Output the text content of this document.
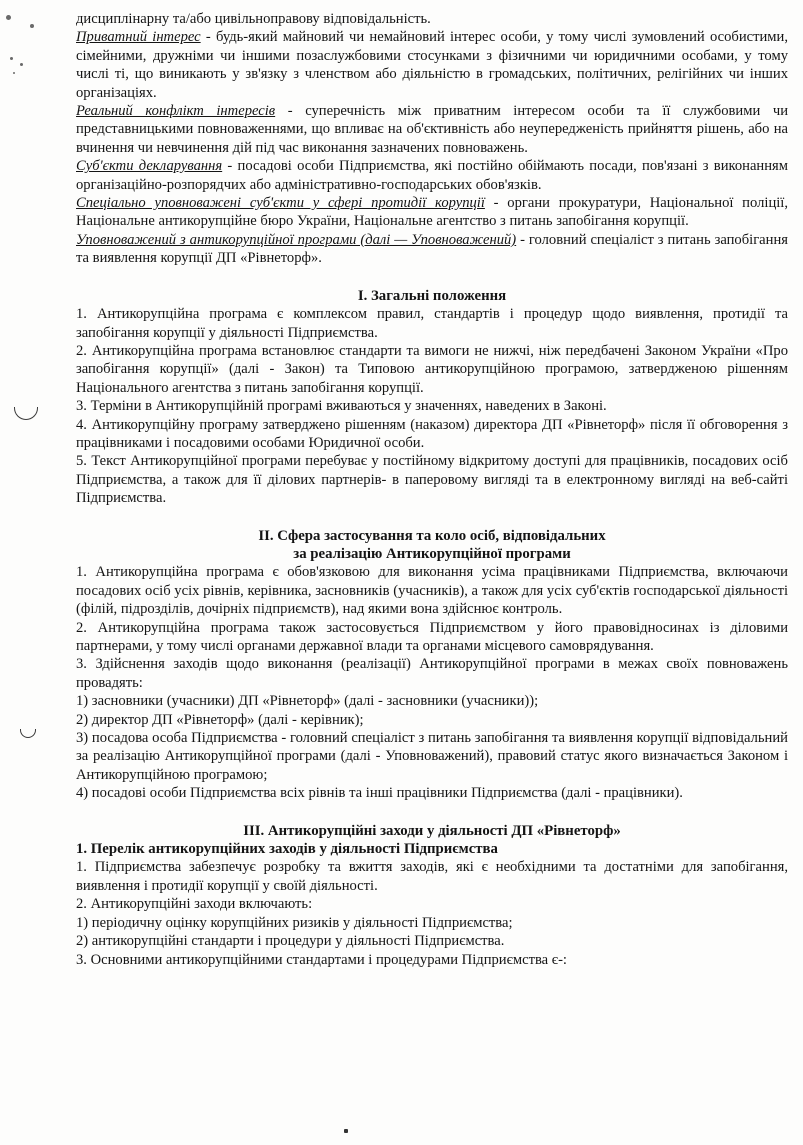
дисциплінарну та/або цивільноправову відповідальність.

Приватний інтерес - будь-який майновий чи немайновий інтерес особи, у тому числі зумовлений особистими, сімейними, дружніми чи іншими позаслужбовими стосунками з фізичними чи юридичними особами, у тому числі ті, що виникають у зв'язку з членством або діяльністю в громадських, політичних, релігійних чи інших організаціях.

Реальний конфлікт інтересів - суперечність між приватним інтересом особи та її службовими чи представницькими повноваженнями, що впливає на об'єктивність або неупередженість прийняття рішень, або на вчинення чи невчинення дій під час виконання зазначених повноважень.

Суб'єкти декларування - посадові особи Підприємства, які постійно обіймають посади, пов'язані з виконанням організаційно-розпорядчих або адміністративно-господарських обов'язків.

Спеціально уповноважені суб'єкти у сфері протидії корупції - органи прокуратури, Національної поліції, Національне антикорупційне бюро України, Національне агентство з питань запобігання корупції.

Уповноважений з антикорупційної програми (далі — Уповноважений) - головний спеціаліст з питань запобігання та виявлення корупції ДП «Рівнеторф».

І. Загальні положення

1. Антикорупційна програма є комплексом правил, стандартів і процедур щодо виявлення, протидії та запобігання корупції у діяльності Підприємства.

2. Антикорупційна програма встановлює стандарти та вимоги не нижчі, ніж передбачені Законом України «Про запобігання корупції» (далі - Закон) та Типовою антикорупційною програмою, затвердженою рішенням Національного агентства з питань запобігання корупції.

3. Терміни в Антикорупційній програмі вживаються у значеннях, наведених в Законі.

4. Антикорупційну програму затверджено рішенням (наказом) директора ДП «Рівнеторф» після її обговорення з працівниками і посадовими особами Юридичної особи.

5. Текст Антикорупційної програми перебуває у постійному відкритому доступі для працівників, посадових осіб Підприємства, а також для її ділових партнерів- в паперовому вигляді та в електронному вигляді на веб-сайті Підприємства.

ІІ. Сфера застосування та коло осіб, відповідальних

за реалізацію Антикорупційної програми

1. Антикорупційна програма є обов'язковою для виконання усіма працівниками Підприємства, включаючи посадових осіб усіх рівнів, керівника, засновників (учасників), а також для усіх суб'єктів господарської діяльності (філій, підрозділів, дочірніх підприємств), над якими вона здійснює контроль.

2. Антикорупційна програма також застосовується Підприємством у його правовідносинах із діловими партнерами, у тому числі органами державної влади та органами місцевого самоврядування.

3. Здійснення заходів щодо виконання (реалізації) Антикорупційної програми в межах своїх повноважень провадять:

1) засновники (учасники) ДП «Рівнеторф» (далі - засновники (учасники));

2) директор ДП «Рівнеторф» (далі - керівник);

3) посадова особа Підприємства - головний спеціаліст з питань запобігання та виявлення корупції відповідальний за реалізацію Антикорупційної програми (далі - Уповноважений), правовий статус якого визначається Законом і Антикорупційною програмою;

4) посадові особи Підприємства всіх рівнів та інші працівники Підприємства (далі - працівники).

ІІІ. Антикорупційні заходи у діяльності ДП «Рівнеторф»

1. Перелік антикорупційних заходів у діяльності Підприємства

1. Підприємства забезпечує розробку та вжиття заходів, які є необхідними та достатніми для запобігання, виявлення і протидії корупції у своїй діяльності.

2. Антикорупційні заходи включають:

1) періодичну оцінку корупційних ризиків у діяльності Підприємства;

2) антикорупційні стандарти і процедури у діяльності Підприємства.

3. Основними антикорупційними стандартами і процедурами Підприємства є-:
